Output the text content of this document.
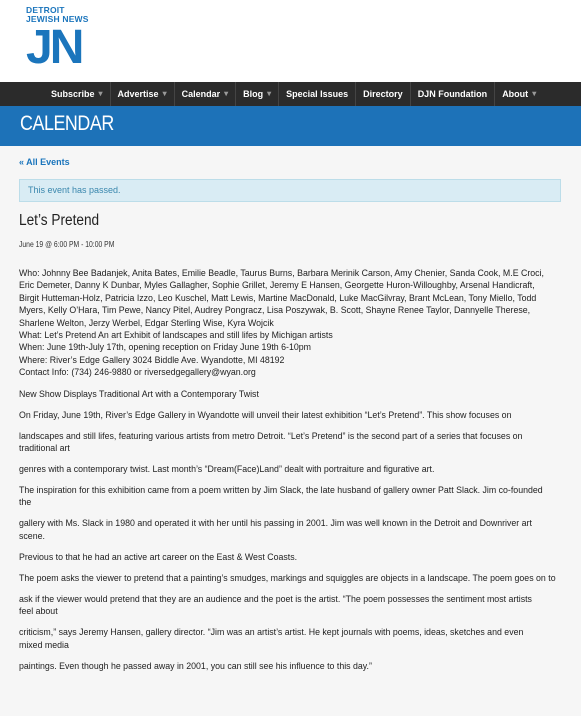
DETROIT
JEWISH NEWS
JN
Subscribe ▾ Advertise ▾ Calendar ▾ Blog ▾ Special Issues Directory DJN Foundation About ▾
CALENDAR
« All Events
This event has passed.
Let’s Pretend
June 19 @ 6:00 PM - 10:00 PM

Who: Johnny Bee Badanjek, Anita Bates, Emilie Beadle, Taurus Burns, Barbara Merinik Carson, Amy Chenier, Sanda Cook, M.E Croci,

Eric Demeter, Danny K Dunbar, Myles Gallagher, Sophie Grillet, Jeremy E Hansen, Georgette Huron-Willoughby, Arsenal Handicraft,

Birgit Hutteman-Holz, Patricia Izzo, Leo Kuschel, Matt Lewis, Martine MacDonald, Luke MacGilvray, Brant McLean, Tony Miello, Todd

Myers, Kelly O’Hara, Tim Pewe, Nancy Pitel, Audrey Pongracz, Lisa Poszywak, B. Scott, Shayne Renee Taylor, Dannyelle Therese,

Sharlene Welton, Jerzy Werbel, Edgar Sterling Wise, Kyra Wojcik

What: Let’s Pretend An art Exhibit of landscapes and still lifes by Michigan artists

When: June 19th-July 17th, opening reception on Friday June 19th 6-10pm

Where: River’s Edge Gallery 3024 Biddle Ave. Wyandotte, MI 48192

Contact Info: (734) 246-9880 or riversedgegallery@wyan.org

New Show Displays Traditional Art with a Contemporary Twist

On Friday, June 19th, River’s Edge Gallery in Wyandotte will unveil their latest exhibition “Let’s Pretend”. This show focuses on

landscapes and still lifes, featuring various artists from metro Detroit. “Let’s Pretend” is the second part of a series that focuses on

traditional art

genres with a contemporary twist. Last month’s “Dream(Face)Land” dealt with portraiture and figurative art.

The inspiration for this exhibition came from a poem written by Jim Slack, the late husband of gallery owner Patt Slack. Jim co-founded

the

gallery with Ms. Slack in 1980 and operated it with her until his passing in 2001. Jim was well known in the Detroit and Downriver art

scene.

Previous to that he had an active art career on the East & West Coasts.

The poem asks the viewer to pretend that a painting’s smudges, markings and squiggles are objects in a landscape. The poem goes on to

ask if the viewer would pretend that they are an audience and the poet is the artist. “The poem possesses the sentiment most artists

feel about

criticism,” says Jeremy Hansen, gallery director. “Jim was an artist’s artist. He kept journals with poems, ideas, sketches and even

mixed media

paintings. Even though he passed away in 2001, you can still see his influence to this day.”
